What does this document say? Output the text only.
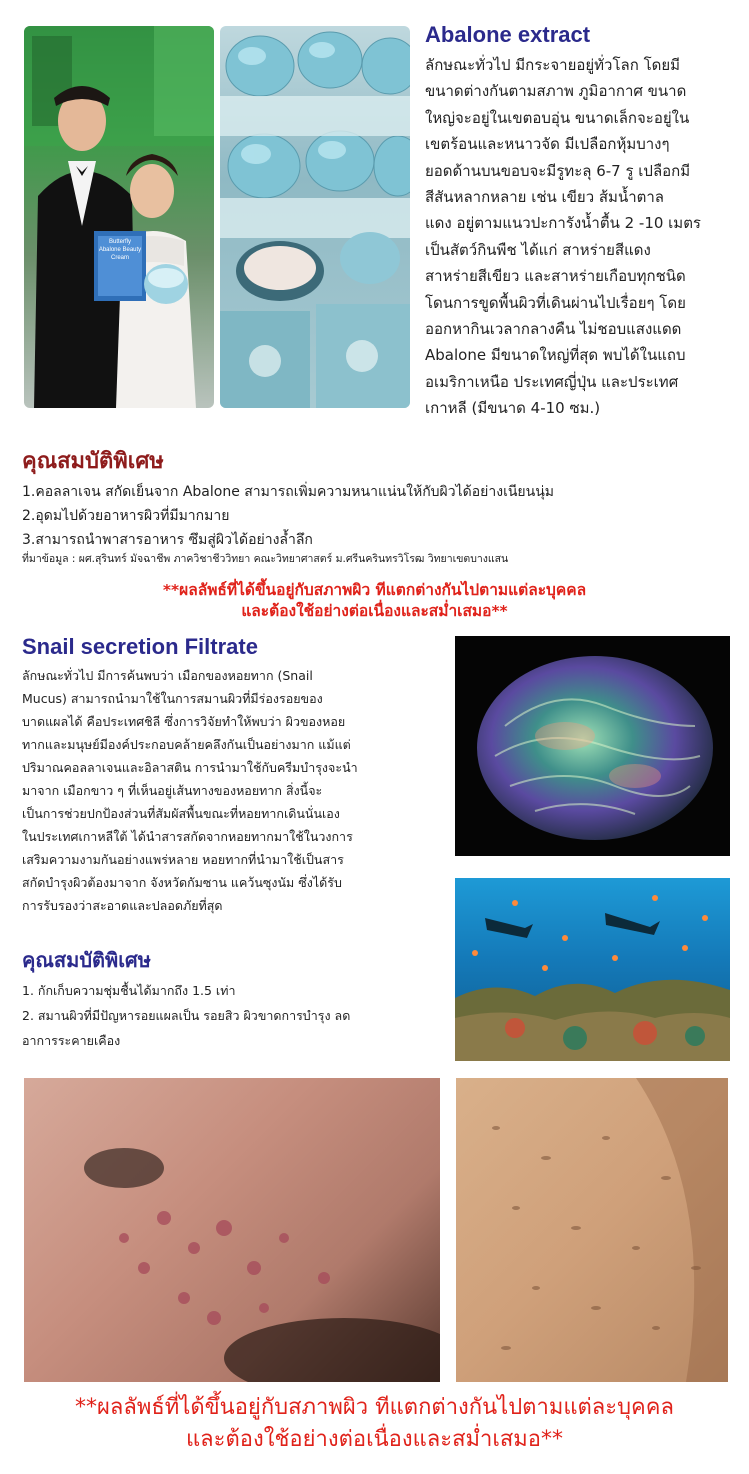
Butterfly Abalone Beauty Cream
Abalone extract
ลักษณะทั่วไป มีกระจายอยู่ทั่วโลก โดยมี
ขนาดต่างกันตามสภาพ ภูมิอากาศ ขนาด
ใหญ่จะอยู่ในเขตอบอุ่น ขนาดเล็กจะอยู่ใน
เขตร้อนและหนาวจัด มีเปลือกหุ้มบางๆ
ยอดด้านบนขอบจะมีรูทะลุ 6-7 รู เปลือกมี
สีสันหลากหลาย เช่น เขียว ส้มน้ำตาล
แดง อยู่ตามแนวปะการังน้ำตื้น 2 -10 เมตร
เป็นสัตว์กินพืช ได้แก่ สาหร่ายสีแดง
สาหร่ายสีเขียว และสาหร่ายเกือบทุกชนิด
โดนการขูดพื้นผิวที่เดินผ่านไปเรื่อยๆ โดย
ออกหากินเวลากลางคืน ไม่ชอบแสงแดด
Abalone มีขนาดใหญ่ที่สุด พบได้ในแถบ
อเมริกาเหนือ ประเทศญี่ปุ่น และประเทศ
เกาหลี (มีขนาด 4-10 ซม.)
คุณสมบัติพิเศษ
1.คอลลาเจน สกัดเย็นจาก Abalone สามารถเพิ่มความหนาแน่นให้กับผิวได้อย่างเนียนนุ่ม
2.อุดมไปด้วยอาหารผิวที่มีมากมาย
3.สามารถนำพาสารอาหาร ซึมสู่ผิวได้อย่างล้ำลึก
ที่มาข้อมูล : ผศ.สุรินทร์ มัจฉาชีพ ภาควิชาชีววิทยา คณะวิทยาศาสตร์ ม.ศรีนครินทรวิโรฒ วิทยาเขตบางแสน
**ผลลัพธ์ที่ได้ขึ้นอยู่กับสภาพผิว ทีแตกต่างกันไปตามแต่ละบุคคล
และต้องใช้อย่างต่อเนื่องและสม่ำเสมอ**
Snail secretion Filtrate
ลักษณะทั่วไป มีการค้นพบว่า เมือกของหอยทาก (Snail
Mucus) สามารถนำมาใช้ในการสมานผิวที่มีร่องรอยของ
บาดแผลได้ คือประเทศชิลี ซึ่งการวิจัยทำให้พบว่า ผิวของหอย
ทากและมนุษย์มีองค์ประกอบคล้ายคลึงกันเป็นอย่างมาก แม้แต่
ปริมาณคอลลาเจนและอิลาสติน การนำมาใช้กับครีมบำรุงจะนำ
มาจาก เมือกขาว ๆ ที่เห็นอยู่เส้นทางของหอยทาก สิ่งนี้จะ
เป็นการช่วยปกป้องส่วนที่สัมผัสพื้นขณะที่หอยทากเดินนั่นเอง
ในประเทศเกาหลีใต้ ได้นำสารสกัดจากหอยทากมาใช้ในวงการ
เสริมความงามกันอย่างแพร่หลาย หอยทากที่นำมาใช้เป็นสาร
สกัดบำรุงผิวต้องมาจาก จังหวัดกัมซาน แคว้นซุงนัม ซึ่งได้รับ
การรับรองว่าสะอาดและปลอดภัยที่สุด
คุณสมบัติพิเศษ
1. กักเก็บความชุ่มชื้นได้มากถึง 1.5 เท่า
2. สมานผิวที่มีปัญหารอยแผลเป็น รอยสิว ผิวขาดการบำรุง ลด
อาการระคายเคือง
**ผลลัพธ์ที่ได้ขึ้นอยู่กับสภาพผิว ทีแตกต่างกันไปตามแต่ละบุคคล
และต้องใช้อย่างต่อเนื่องและสม่ำเสมอ**
